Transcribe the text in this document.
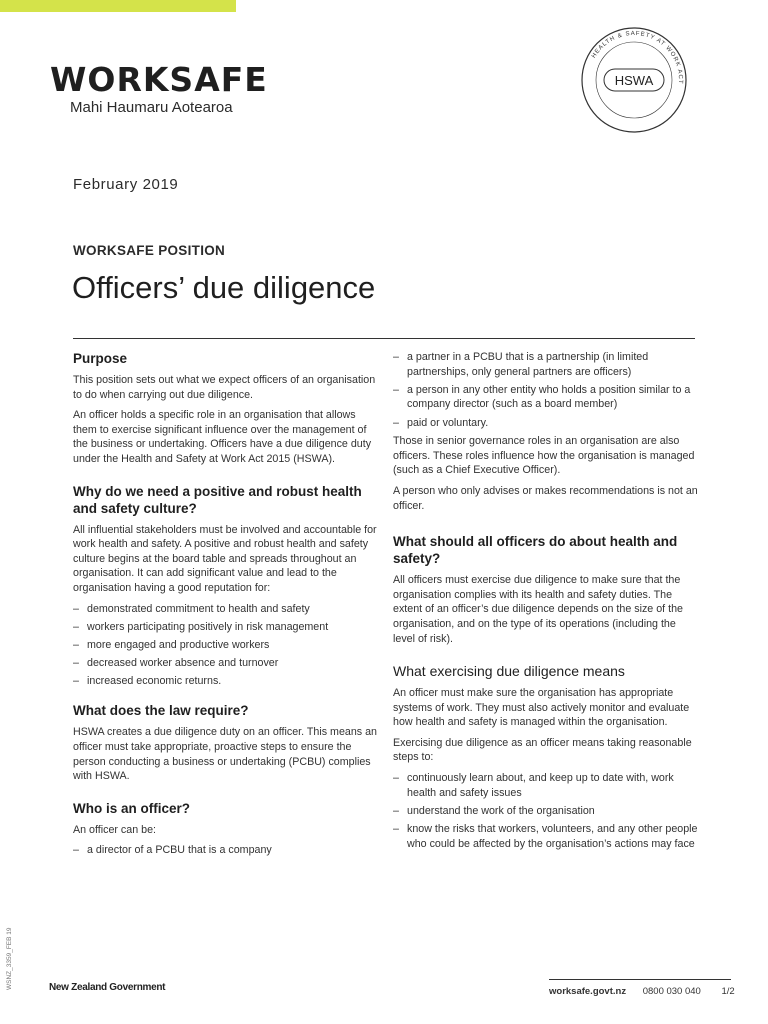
WORKSAFE
Mahi Haumaru Aotearoa
HEALTH & SAFETY AT WORK ACT
HSWA
February 2019
WORKSAFE POSITION
Officers’ due diligence
Purpose

This position sets out what we expect officers of an organisation to do when carrying out due diligence.

An officer holds a specific role in an organisation that allows them to exercise significant influence over the management of the business or undertaking. Officers have a due diligence duty under the Health and Safety at Work Act 2015 (HSWA).

Why do we need a positive and robust health and safety culture?

All influential stakeholders must be involved and accountable for work health and safety. A positive and robust health and safety culture begins at the board table and spreads throughout an organisation. It can add significant value and lead to the organisation having a good reputation for:

– demonstrated commitment to health and safety
– workers participating positively in risk management
– more engaged and productive workers
– decreased worker absence and turnover
– increased economic returns.
What does the law require?

HSWA creates a due diligence duty on an officer. This means an officer must take appropriate, proactive steps to ensure the person conducting a business or undertaking (PCBU) complies with HSWA.

Who is an officer?

An officer can be:

– a director of a PCBU that is a company
– a partner in a PCBU that is a partnership (in limited partnerships, only general partners are officers)
– a person in any other entity who holds a position similar to a company director (such as a board member)
– paid or voluntary.

Those in senior governance roles in an organisation are also officers. These roles influence how the organisation is managed (such as a Chief Executive Officer).

A person who only advises or makes recommendations is not an officer.

What should all officers do about health and safety?

All officers must exercise due diligence to make sure that the organisation complies with its health and safety duties. The extent of an officer’s due diligence depends on the size of the organisation, and on the type of its operations (including the level of risk).

What exercising due diligence means

An officer must make sure the organisation has appropriate systems of work. They must also actively monitor and evaluate how health and safety is managed within the organisation.

Exercising due diligence as an officer means taking reasonable steps to:

– continuously learn about, and keep up to date with, work health and safety issues
– understand the work of the organisation
– know the risks that workers, volunteers, and any other people who could be affected by the organisation’s actions may face
WSNZ_3359_FEB 19	New Zealand Government	worksafe.govt.nz 0800 030 040 1/2
